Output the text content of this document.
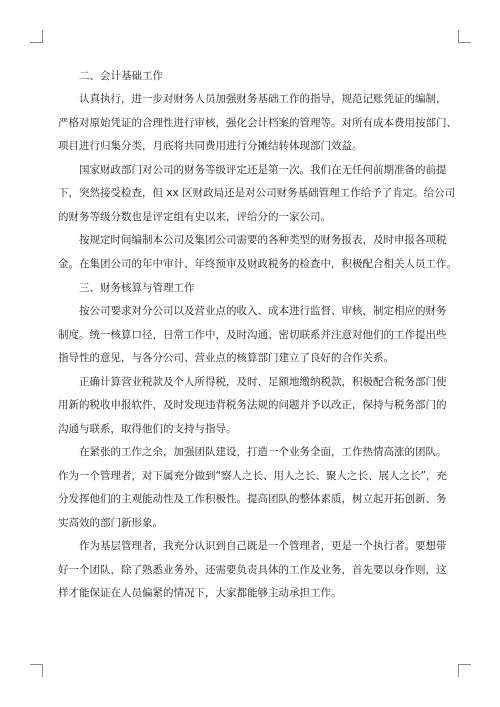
二、会计基础工作
认真执行，进一步对财务人员加强财务基础工作的指导，规范记账凭证的编制，
严格对原始凭证的合理性进行审核，强化会计档案的管理等。对所有成本费用按部门、
项目进行归集分类，月底将共同费用进行分摊结转体现部门效益。
国家财政部门对公司的财务等级评定还是第一次。我们在无任何前期准备的前提
下，突然接受检查，但 xx 区财政局还是对公司财务基础管理工作给予了肯定。给公司
的财务等级分数也是评定组有史以来，评给分的一家公司。
按规定时间编制本公司及集团公司需要的各种类型的财务报表，及时申报各项税
金。在集团公司的年中审计、年终预审及财政税务的检查中，积极配合相关人员工作。
三、财务核算与管理工作
按公司要求对分公司以及营业点的收入、成本进行监督、审核，制定相应的财务
制度。统一核算口径，日常工作中，及时沟通、密切联系并注意对他们的工作提出些
指导性的意见，与各分公司、营业点的核算部门建立了良好的合作关系。
正确计算营业税款及个人所得税，及时、足额地缴纳税款，积极配合税务部门使
用新的税收申报软件，及时发现违背税务法规的问题并予以改正，保持与税务部门的
沟通与联系，取得他们的支持与指导。
在紧张的工作之余，加强团队建设，打造一个业务全面，工作热情高涨的团队。
作为一个管理者，对下属充分做到“察人之长、用人之长、聚人之长、展人之长”，充
分发挥他们的主观能动性及工作积极性。提高团队的整体素质，树立起开拓创新、务
实高效的部门新形象。
作为基层管理者，我充分认识到自己既是一个管理者，更是一个执行者。要想带
好一个团队，除了熟悉业务外，还需要负责具体的工作及业务，首先要以身作则，这
样才能保证在人员偏紧的情况下，大家都能够主动承担工作。
